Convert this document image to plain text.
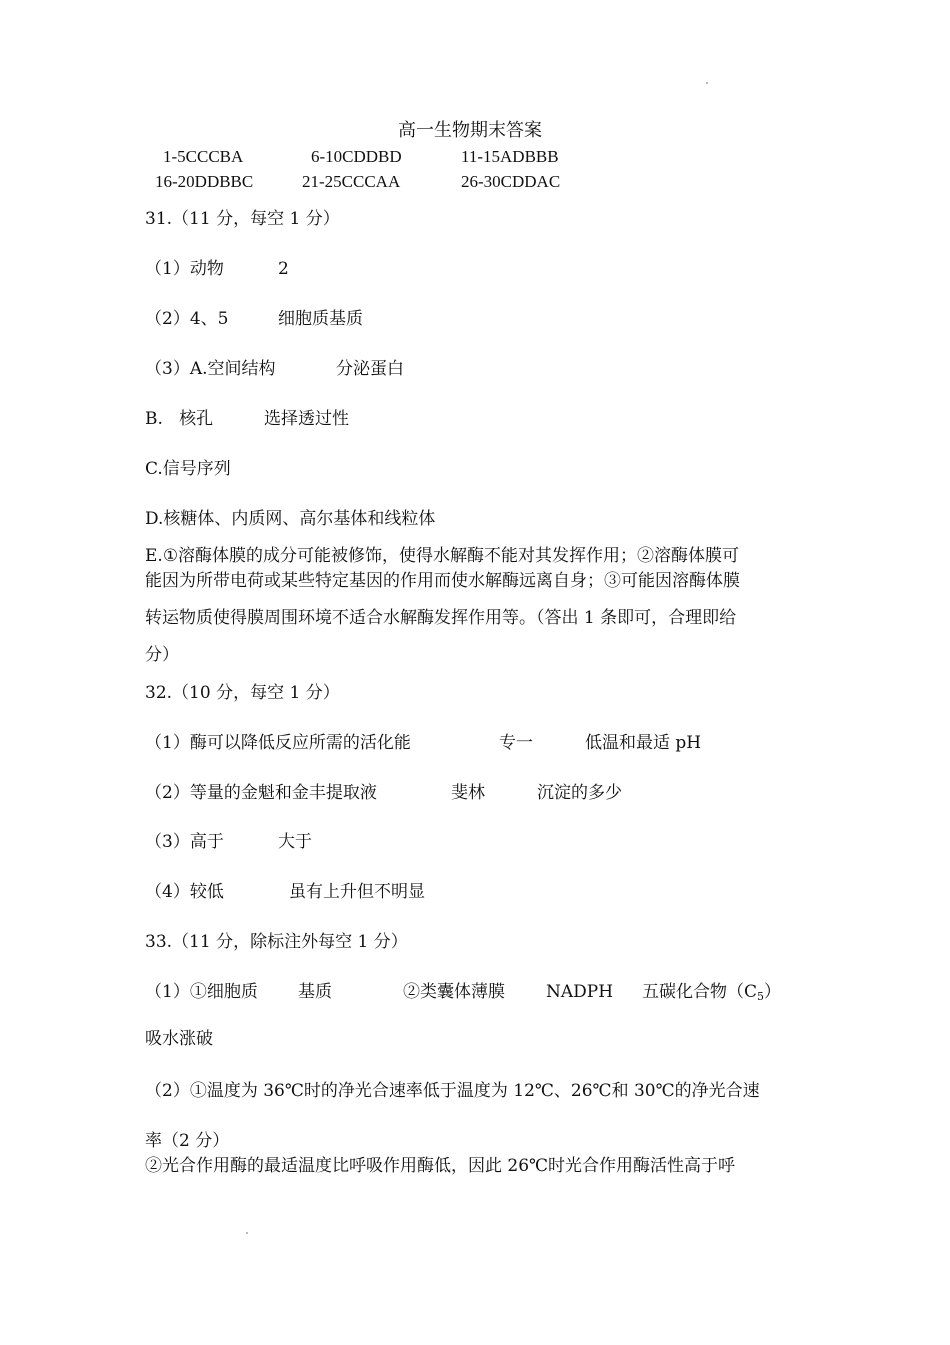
高一生物期末答案
1-5CCCBA	6-10CDDBD	11-15ADBBB
16-20DDBBC	21-25CCCAA	26-30CDDAC
31.（11 分，每空 1 分）
（1）动物	2
（2）4、5	细胞质基质
（3）A.空间结构	分泌蛋白
B.   核孔	选择透过性
C.信号序列
D.核糖体、内质网、高尔基体和线粒体
E.①溶酶体膜的成分可能被修饰，使得水解酶不能对其发挥作用；②溶酶体膜可
能因为所带电荷或某些特定基因的作用而使水解酶远离自身；③可能因溶酶体膜
转运物质使得膜周围环境不适合水解酶发挥作用等。（答出 1 条即可，合理即给
分）
32.（10 分，每空 1 分）
（1）酶可以降低反应所需的活化能	专一	低温和最适 pH
（2）等量的金魁和金丰提取液	斐林	沉淀的多少
（3）高于	大于
（4）较低	虽有上升但不明显
33.（11 分，除标注外每空 1 分）
（1）①细胞质 基质	②类囊体薄膜 NADPH 五碳化合物$(C_5)$
吸水涨破
（2）①温度为 36℃时的净光合速率低于温度为 12℃、26℃和 30℃的净光合速
率（2 分）
②光合作用酶的最适温度比呼吸作用酶低，因此 26℃时光合作用酶活性高于呼
